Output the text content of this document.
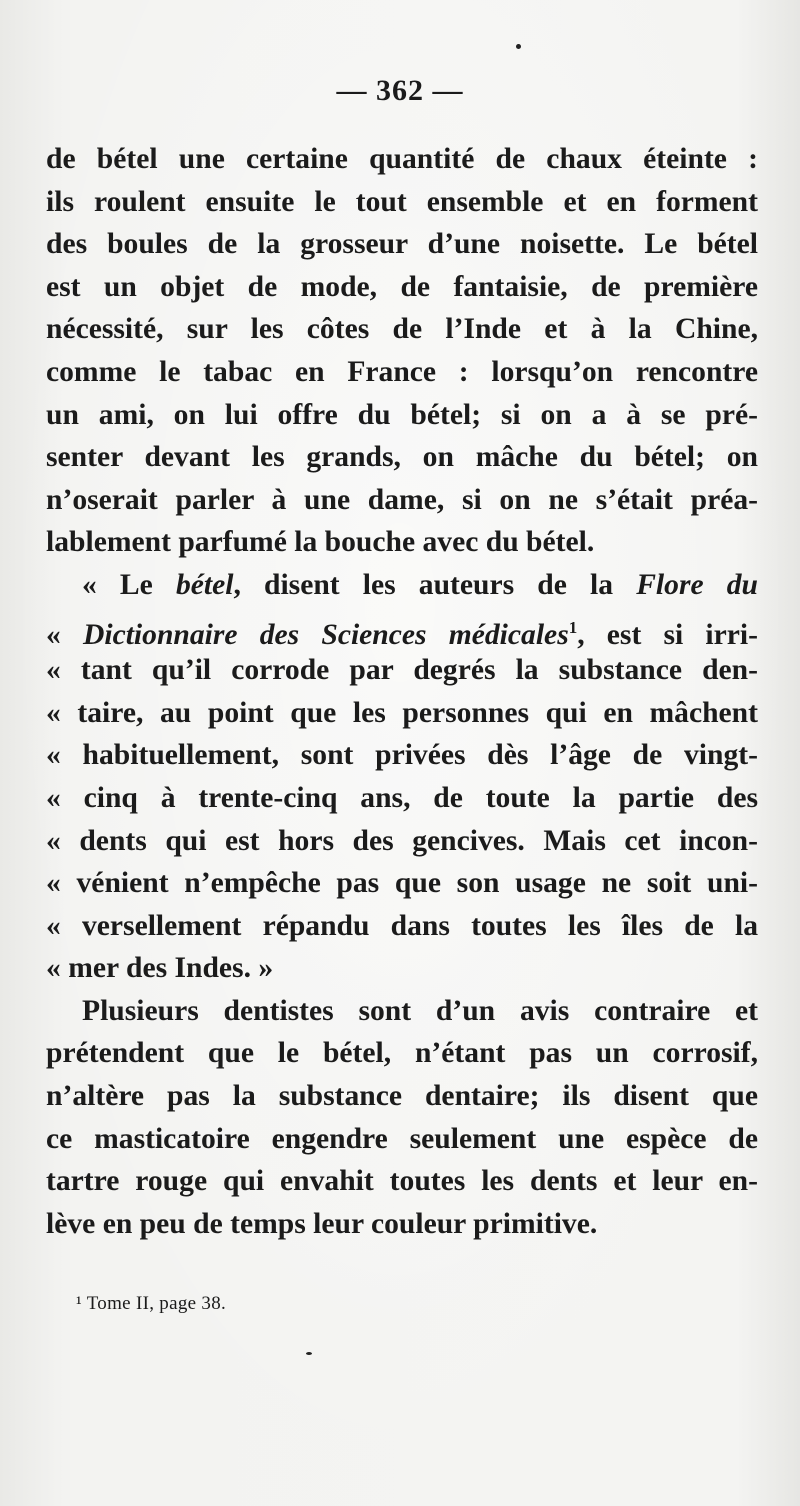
— 362 —
de bétel une certaine quantité de chaux éteinte :
ils roulent ensuite le tout ensemble et en forment
des boules de la grosseur d’une noisette. Le bétel
est un objet de mode, de fantaisie, de première
nécessité, sur les côtes de l’Inde et à la Chine,
comme le tabac en France : lorsqu’on rencontre
un ami, on lui offre du bétel; si on a à se pré-
senter devant les grands, on mâche du bétel; on
n’oserait parler à une dame, si on ne s’était préa-
lablement parfumé la bouche avec du bétel.
« Le bétel, disent les auteurs de la Flore du
« Dictionnaire des Sciences médicales$^1$, est si irri-
« tant qu’il corrode par degrés la substance den-
« taire, au point que les personnes qui en mâchent
« habituellement, sont privées dès l’âge de vingt-
« cinq à trente-cinq ans, de toute la partie des
« dents qui est hors des gencives. Mais cet incon-
« vénient n’empêche pas que son usage ne soit uni-
« versellement répandu dans toutes les îles de la
« mer des Indes. »
Plusieurs dentistes sont d’un avis contraire et
prétendent que le bétel, n’étant pas un corrosif,
n’altère pas la substance dentaire; ils disent que
ce masticatoire engendre seulement une espèce de
tartre rouge qui envahit toutes les dents et leur en-
lève en peu de temps leur couleur primitive.
¹ Tome II, page 38.
